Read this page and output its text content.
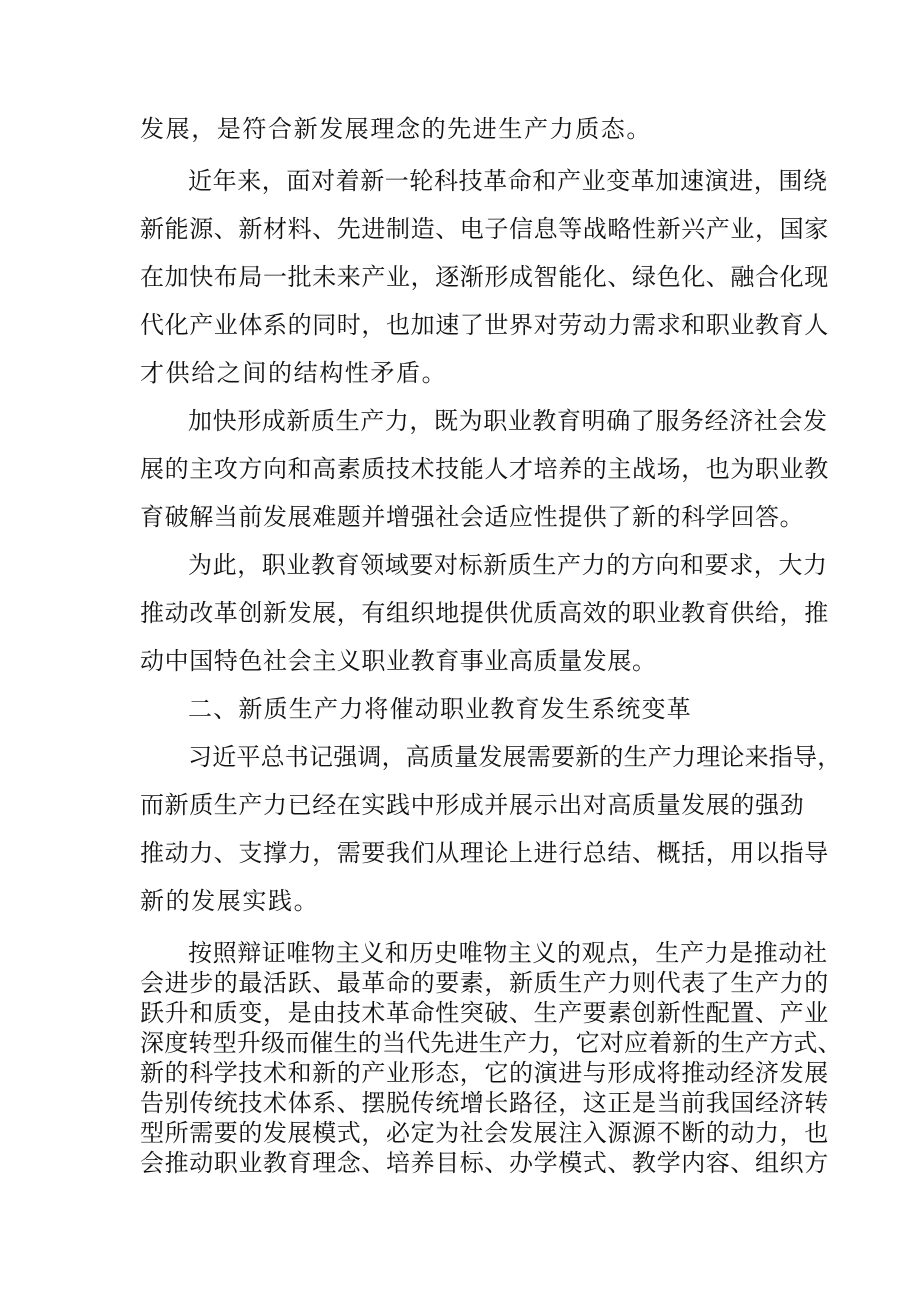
发展，是符合新发展理念的先进生产力质态。
近年来，面对着新一轮科技革命和产业变革加速演进，围绕
新能源、新材料、先进制造、电子信息等战略性新兴产业，国家
在加快布局一批未来产业，逐渐形成智能化、绿色化、融合化现
代化产业体系的同时，也加速了世界对劳动力需求和职业教育人
才供给之间的结构性矛盾。
加快形成新质生产力，既为职业教育明确了服务经济社会发
展的主攻方向和高素质技术技能人才培养的主战场，也为职业教
育破解当前发展难题并增强社会适应性提供了新的科学回答。
为此，职业教育领域要对标新质生产力的方向和要求，大力
推动改革创新发展，有组织地提供优质高效的职业教育供给，推
动中国特色社会主义职业教育事业高质量发展。
二、新质生产力将催动职业教育发生系统变革
习近平总书记强调，高质量发展需要新的生产力理论来指导，
而新质生产力已经在实践中形成并展示出对高质量发展的强劲
推动力、支撑力，需要我们从理论上进行总结、概括，用以指导
新的发展实践。
按照辩证唯物主义和历史唯物主义的观点，生产力是推动社
会进步的最活跃、最革命的要素，新质生产力则代表了生产力的
跃升和质变，是由技术革命性突破、生产要素创新性配置、产业
深度转型升级而催生的当代先进生产力，它对应着新的生产方式、
新的科学技术和新的产业形态，它的演进与形成将推动经济发展
告别传统技术体系、摆脱传统增长路径，这正是当前我国经济转
型所需要的发展模式，必定为社会发展注入源源不断的动力，也
会推动职业教育理念、培养目标、办学模式、教学内容、组织方
